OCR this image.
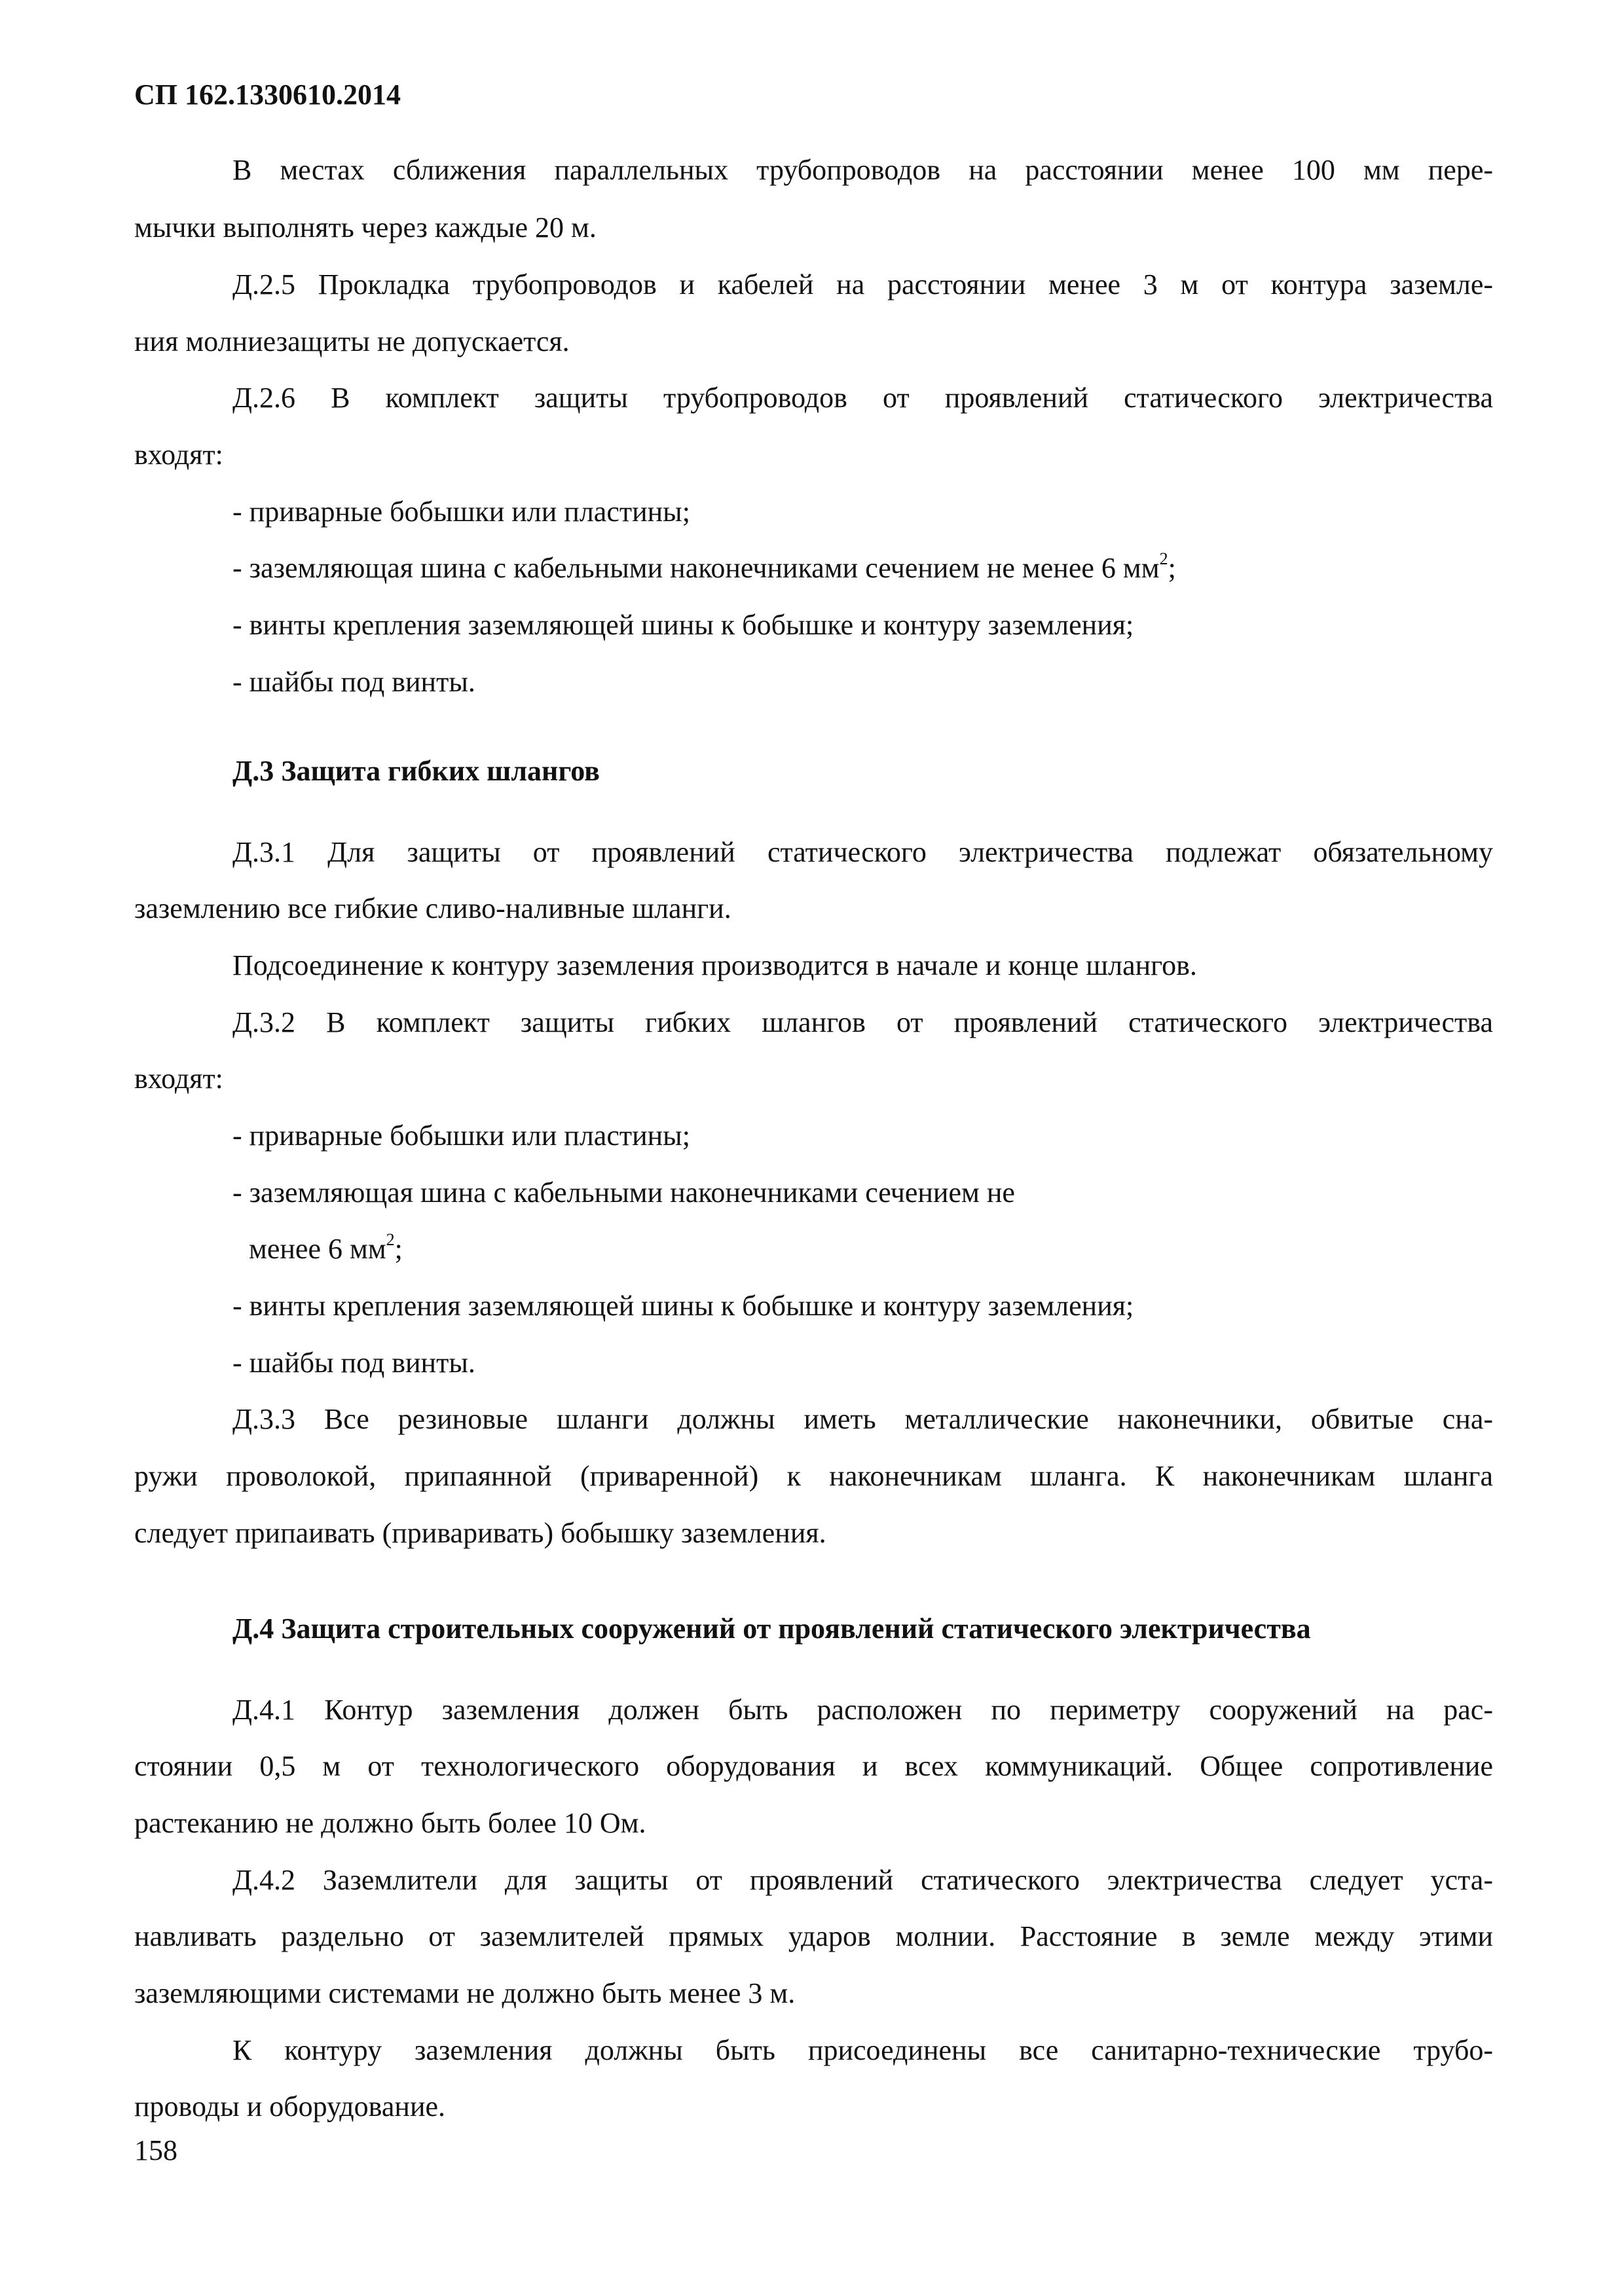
СП 162.1330610.2014
В местах сближения параллельных трубопроводов на расстоянии менее 100 мм пере-
мычки выполнять через каждые 20 м.
Д.2.5 Прокладка трубопроводов и кабелей на расстоянии менее 3 м от контура заземле-
ния молниезащиты не допускается.
Д.2.6 В комплект защиты трубопроводов от проявлений статического электричества
входят:
- приварные бобышки или пластины;
- заземляющая шина с кабельными наконечниками сечением не менее 6 $мм^2$;
- винты крепления заземляющей шины к бобышке и контуру заземления;
- шайбы под винты.
Д.3 Защита гибких шлангов
Д.3.1 Для защиты от проявлений статического электричества подлежат обязательному
заземлению все гибкие сливо-наливные шланги.
Подсоединение к контуру заземления производится в начале и конце шлангов.
Д.3.2 В комплект защиты гибких шлангов от проявлений статического электричества
входят:
- приварные бобышки или пластины;
- заземляющая шина с кабельными наконечниками сечением не
менее 6 $мм^2$;
- винты крепления заземляющей шины к бобышке и контуру заземления;
- шайбы под винты.
Д.3.3 Все резиновые шланги должны иметь металлические наконечники, обвитые сна-
ружи проволокой, припаянной (приваренной) к наконечникам шланга. К наконечникам шланга
следует припаивать (приваривать) бобышку заземления.
Д.4 Защита строительных сооружений от проявлений статического электричества
Д.4.1 Контур заземления должен быть расположен по периметру сооружений на рас-
стоянии 0,5 м от технологического оборудования и всех коммуникаций. Общее сопротивление
растеканию не должно быть более 10 Ом.
Д.4.2 Заземлители для защиты от проявлений статического электричества следует уста-
навливать раздельно от заземлителей прямых ударов молнии. Расстояние в земле между этими
заземляющими системами не должно быть менее 3 м.
К контуру заземления должны быть присоединены все санитарно-технические трубо-
проводы и оборудование.
158
